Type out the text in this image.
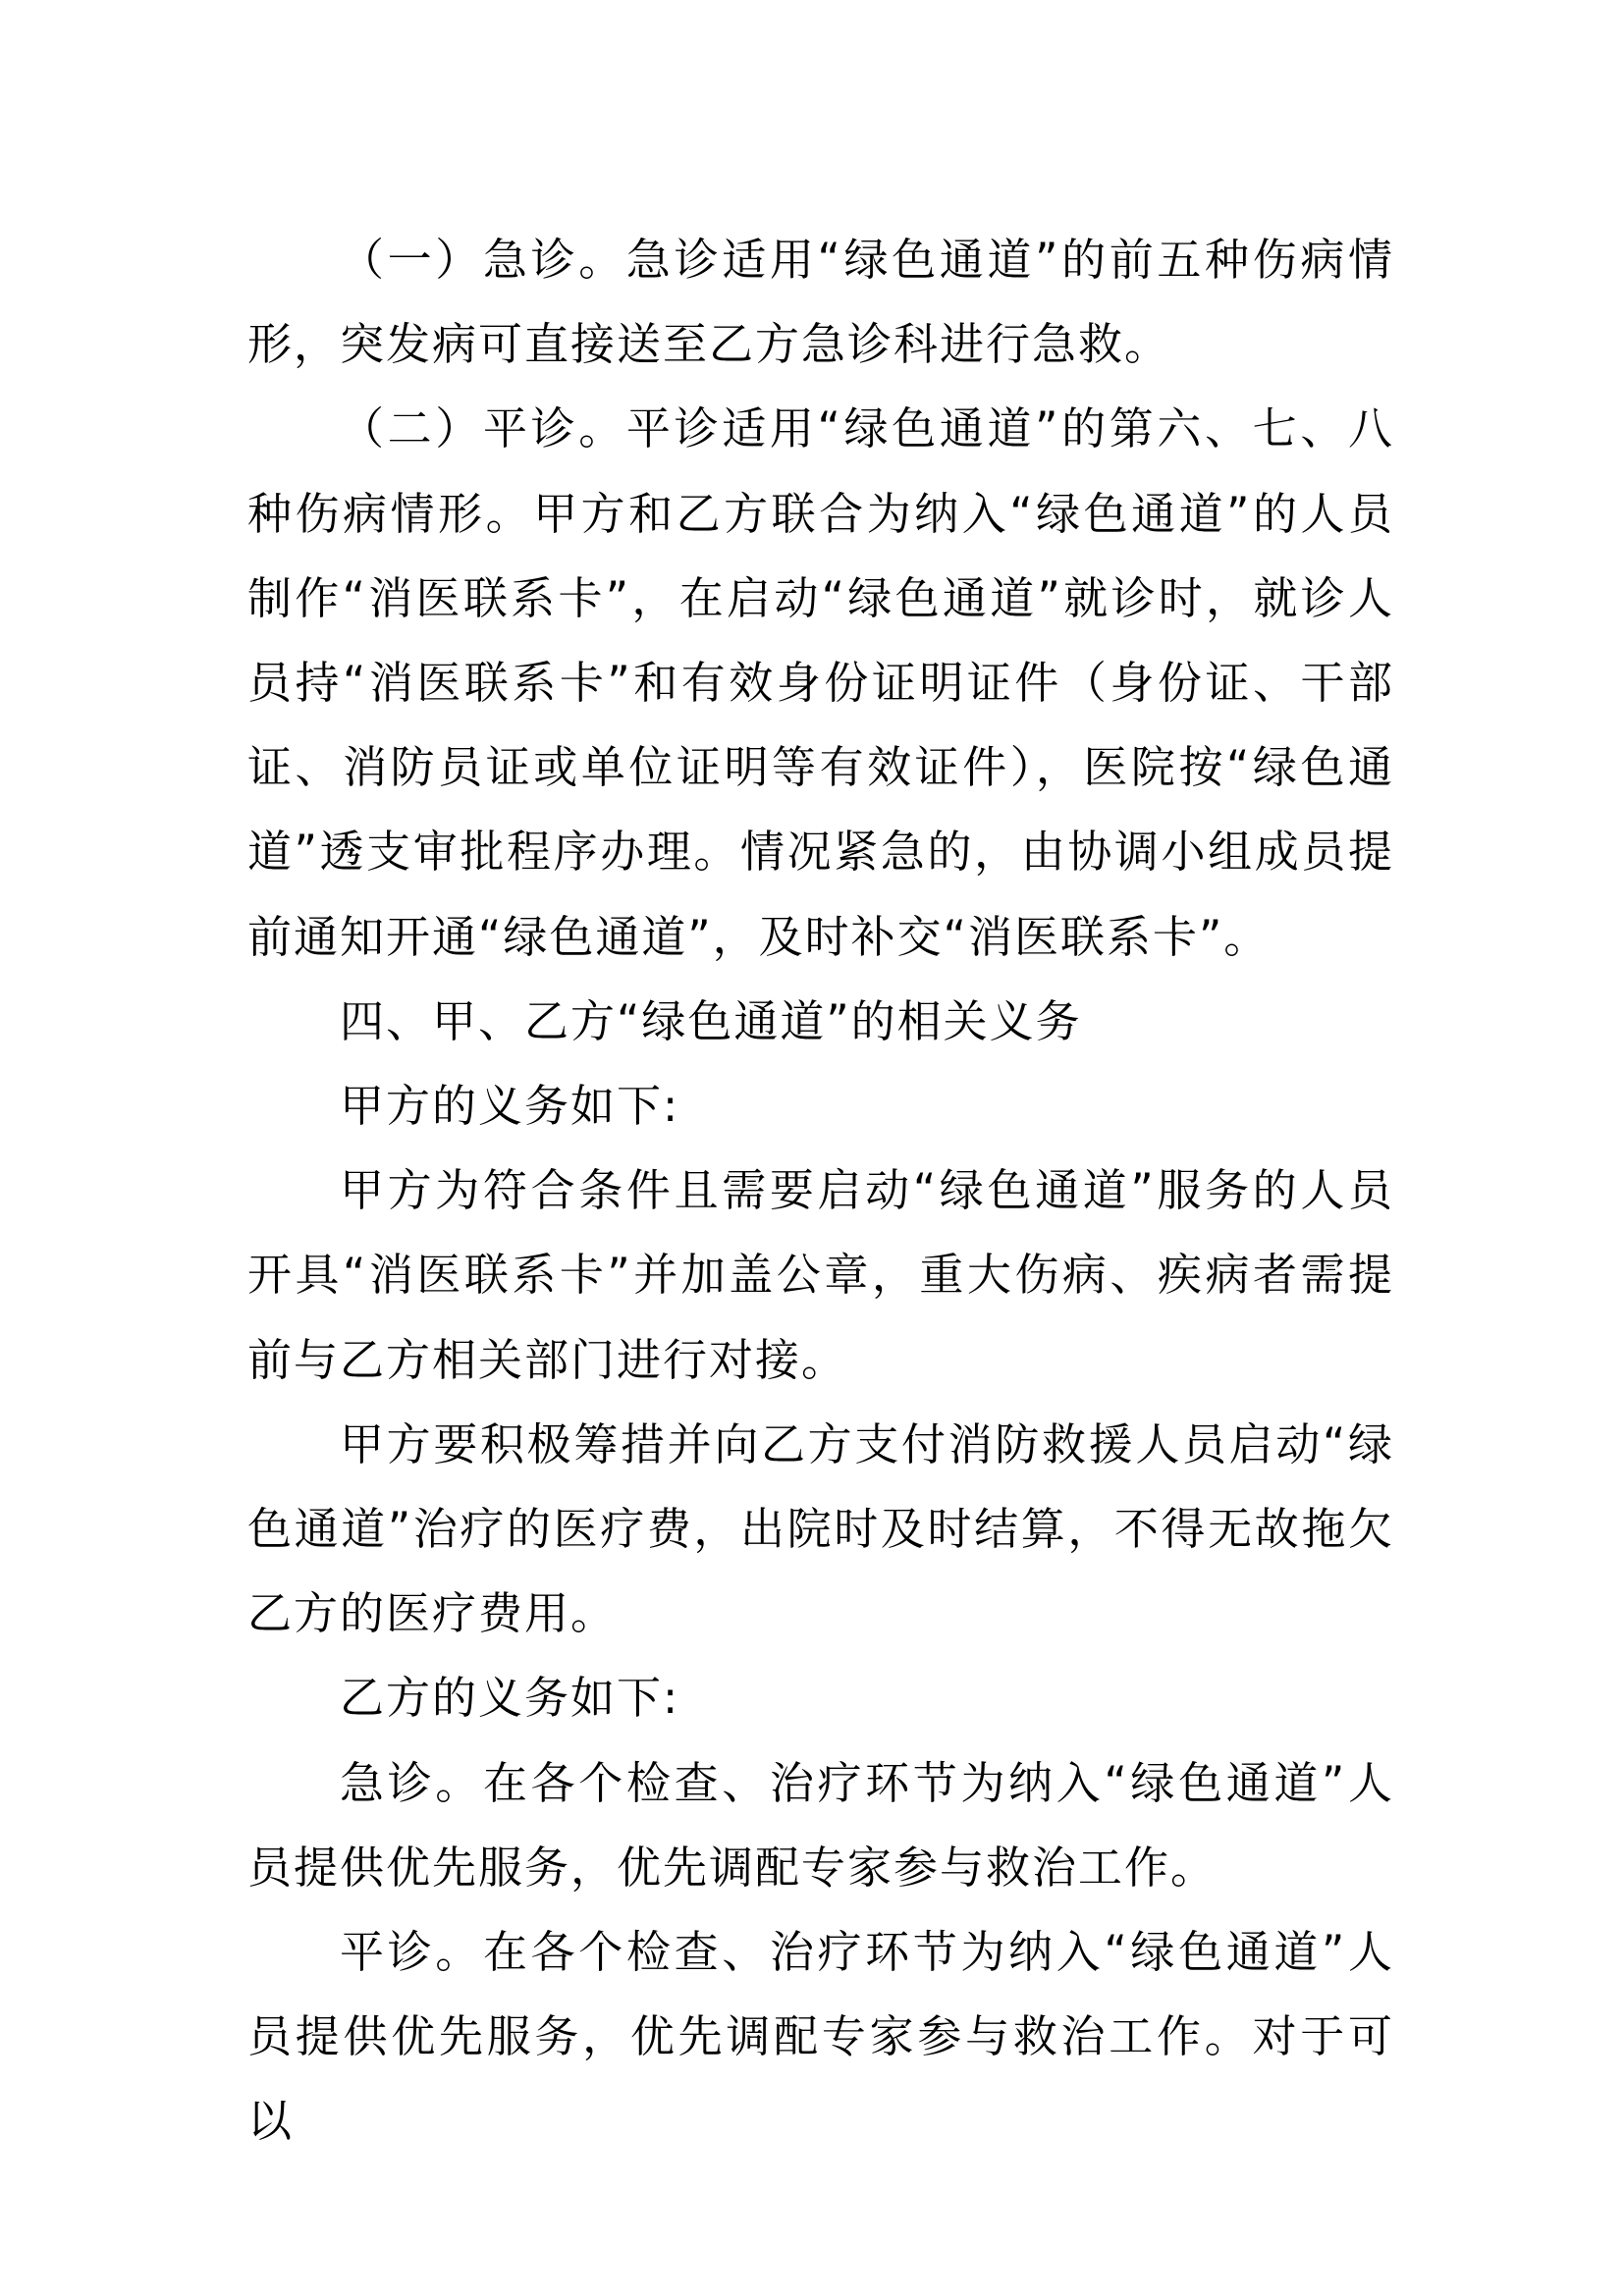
（一）急诊。急诊适用“绿色通道”的前五种伤病情形，突发病可直接送至乙方急诊科进行急救。

（二）平诊。平诊适用“绿色通道”的第六、七、八种伤病情形。甲方和乙方联合为纳入“绿色通道”的人员制作“消医联系卡”，在启动“绿色通道”就诊时，就诊人员持“消医联系卡”和有效身份证明证件（身份证、干部证、消防员证或单位证明等有效证件），医院按“绿色通道”透支审批程序办理。情况紧急的，由协调小组成员提前通知开通“绿色通道”，及时补交“消医联系卡”。

四、甲、乙方“绿色通道”的相关义务

甲方的义务如下:

甲方为符合条件且需要启动“绿色通道”服务的人员开具“消医联系卡”并加盖公章，重大伤病、疾病者需提前与乙方相关部门进行对接。

甲方要积极筹措并向乙方支付消防救援人员启动“绿色通道”治疗的医疗费，出院时及时结算，不得无故拖欠乙方的医疗费用。

乙方的义务如下:

急诊。在各个检查、治疗环节为纳入“绿色通道”人员提供优先服务，优先调配专家参与救治工作。

平诊。在各个检查、治疗环节为纳入“绿色通道”人员提供优先服务，优先调配专家参与救治工作。对于可以
